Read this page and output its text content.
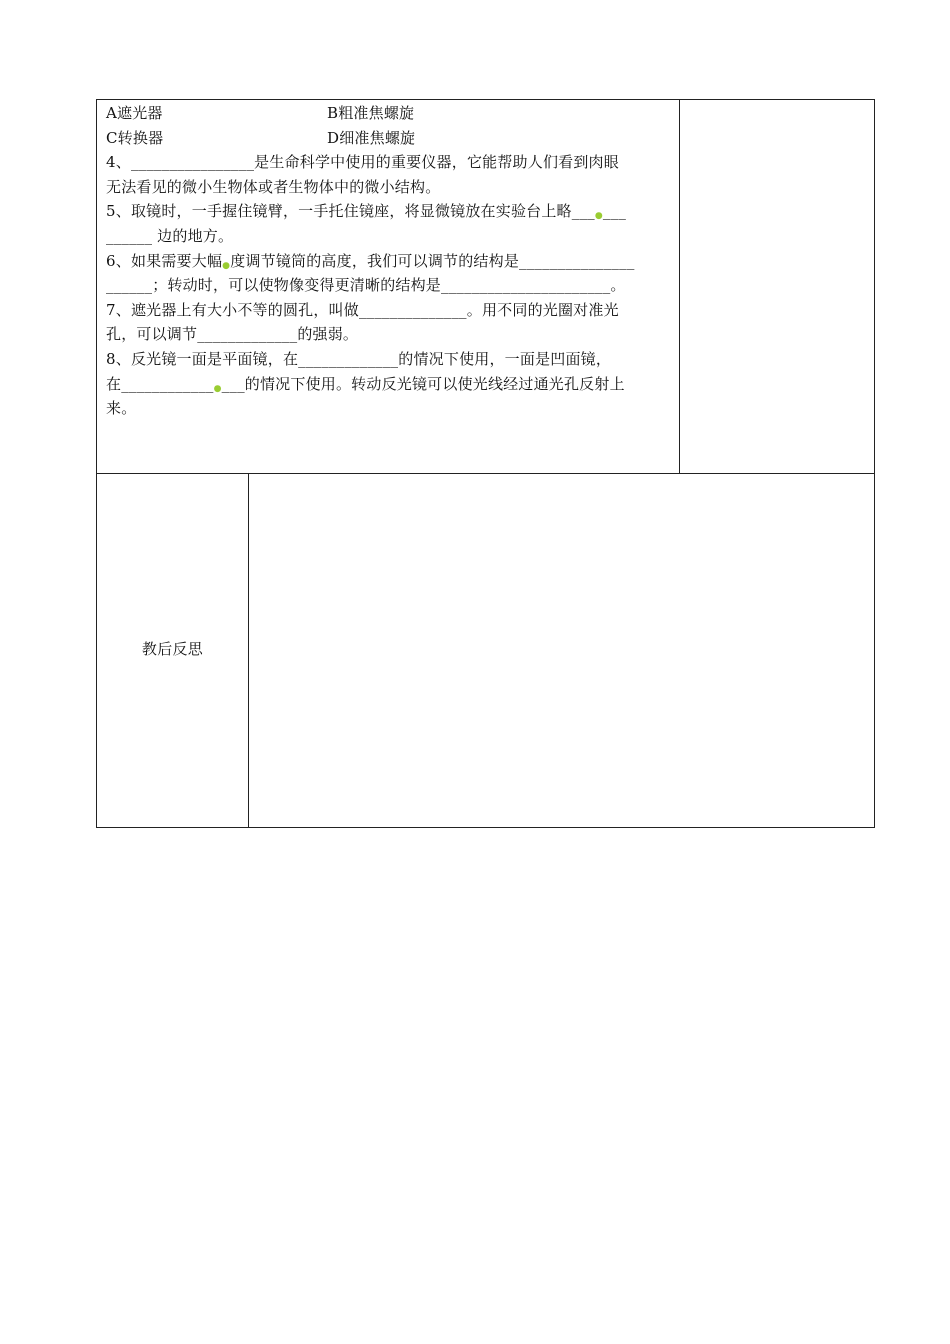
A遮光器	B粗准焦螺旋
C转换器	D细准焦螺旋
4、________________是生命科学中使用的重要仪器，它能帮助人们看到肉眼
无法看见的微小生物体或者生物体中的微小结构。
5、取镜时，一手握住镜臂，一手托住镜座，将显微镜放在实验台上略___●___
______ 边的地方。
6、如果需要大幅●度调节镜筒的高度，我们可以调节的结构是_______________
______；转动时，可以使物像变得更清晰的结构是______________________。
7、遮光器上有大小不等的圆孔，叫做______________。用不同的光圈对准光
孔，可以调节_____________的强弱。
8、反光镜一面是平面镜，在_____________的情况下使用，一面是凹面镜，
在____________●___的情况下使用。转动反光镜可以使光线经过通光孔反射上
来。
教后反思
